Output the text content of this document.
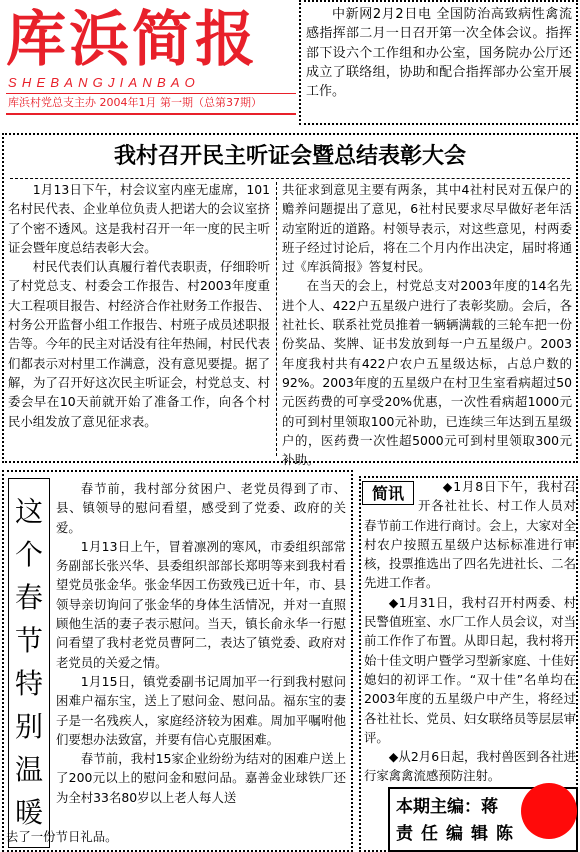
库浜简报
SHEBANGJIANBAO
库浜村党总支主办 2004年1月 第一期（总第37期）
中新网2月2日电 全国防治高致病性禽流感指挥部二月一日召开第一次全体会议。指挥部下设六个工作组和办公室，国务院办公厅还成立了联络组，协助和配合指挥部办公室开展工作。
我村召开民主听证会暨总结表彰大会

1月13日下午，村会议室内座无虚席，101名村民代表、企业单位负责人把诺大的会议室挤了个密不透风。这是我村召开一年一度的民主听证会暨年度总结表彰大会。

村民代表们认真履行着代表职责，仔细聆听了村党总支、村委会工作报告、村2003年度重大工程项目报告、村经济合作社财务工作报告、村务公开监督小组工作报告、村班子成员述职报告等。今年的民主对话没有往年热闹，村民代表们都表示对村里工作满意，没有意见要提。据了解，为了召开好这次民主听证会，村党总支、村委会早在10天前就开始了准备工作，向各个村民小组发放了意见征求表。

共征求到意见主要有两条，其中4社村民对五保户的赡养问题提出了意见，6社村民要求尽早做好老年活动室附近的道路。村领导表示，对这些意见，村两委班子经过讨论后，将在二个月内作出决定，届时将通过《库浜简报》答复村民。

在当天的会上，村党总支对2003年度的14名先进个人、422户五星级户进行了表彰奖励。会后，各社社长、联系社党员推着一辆辆满载的三轮车把一份份奖品、奖牌、证书发放到每一户五星级户。2003年度我村共有422户农户五星级达标，占总户数的92%。2003年度的五星级户在村卫生室看病超过50元医药费的可享受20%优惠，一次性看病超1000元的可到村里领取100元补助，已连续三年达到五星级户的，医药费一次性超5000元可到村里领取300元补助。

这
个
春
节
特
别
温
暖

春节前，我村部分贫困户、老党员得到了市、县、镇领导的慰问看望，感受到了党委、政府的关爱。

1月13日上午，冒着凛冽的寒风，市委组织部常务副部长张兴华、县委组织部部长郑明等来到我村看望党员张金华。张金华因工伤致残已近十年，市、县领导亲切询问了张金华的身体生活情况，并对一直照顾他生活的妻子表示慰问。当天，镇长俞永华一行慰问看望了我村老党员曹阿二，表达了镇党委、政府对老党员的关爱之情。

1月15日，镇党委副书记周加平一行到我村慰问困难户福东宝，送上了慰问金、慰问品。福东宝的妻子是一名残疾人，家庭经济较为困难。周加平嘱咐他们要想办法致富，并要有信心克服困难。

春节前，我村15家企业纷纷为结对的困难户送上了200元以上的慰问金和慰问品。嘉善金业球铁厂还为全村33名80岁以上老人每人送

去了一份节日礼品。

◆1月8日下午，我村召开各社社长、村工作人员对春节前工作进行商讨。会上，大家对全村农户按照五星级户达标标准进行审核，投票推选出了四名先进社长、二名先进工作者。

◆1月31日，我村召开村两委、村民警值班室、水厂工作人员会议，对当前工作作了布置。从即日起，我村将开始十佳文明户暨学习型新家庭、十佳好媳妇的初评工作。“双十佳”名单均在2003年度的五星级户中产生，将经过各社社长、党员、妇女联络员等层层审评。

◆从2月6日起，我村兽医到各社进行家禽禽流感预防注射。

简讯
本期主编：蒋
责任编辑陈
